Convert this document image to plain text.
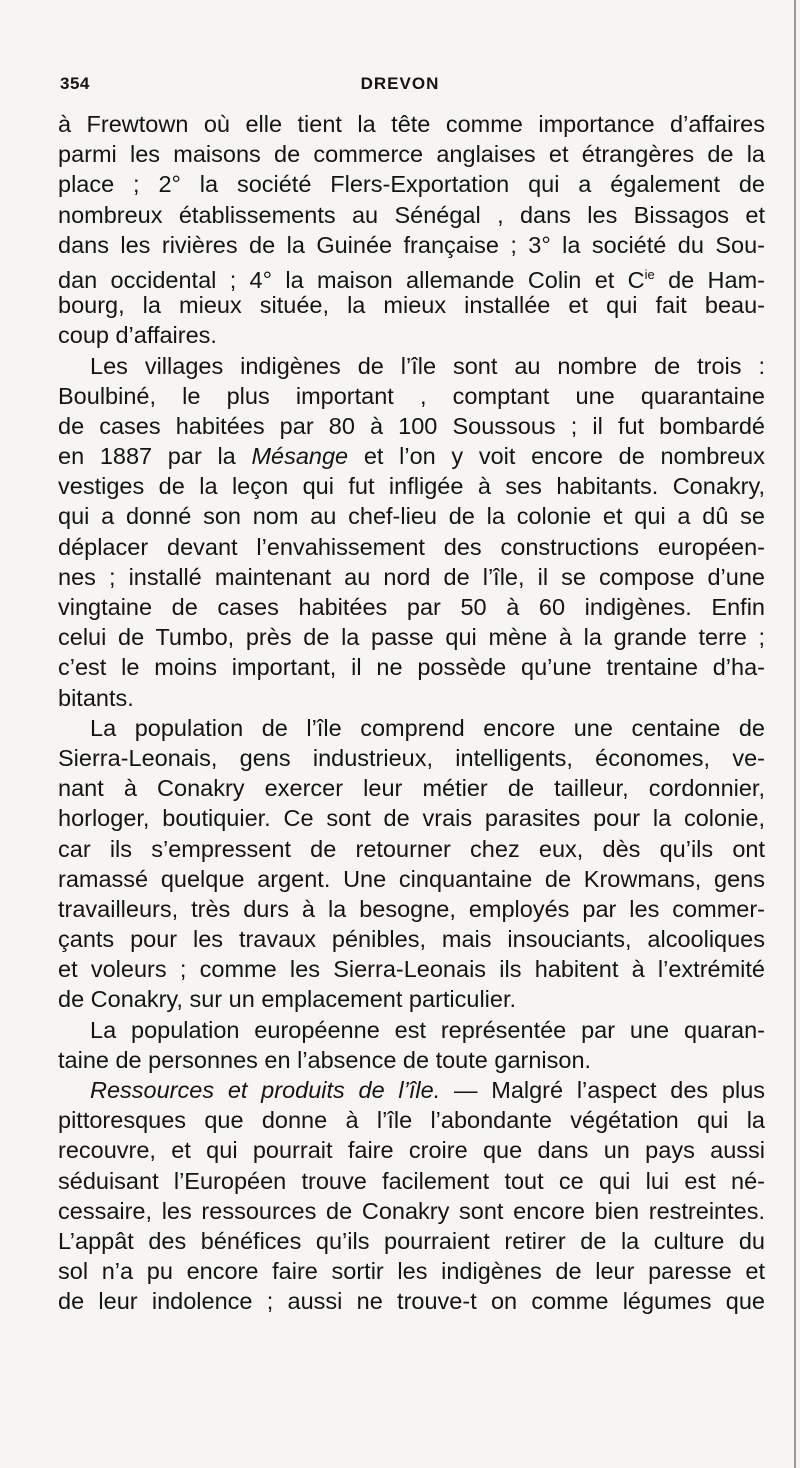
354	DREVON
à Frewtown où elle tient la tête comme importance d’affaires
parmi les maisons de commerce anglaises et étrangères de la
place ; 2° la société Flers-Exportation qui a également de
nombreux établissements au Sénégal , dans les Bissagos et
dans les rivières de la Guinée française ; 3° la société du Sou-
dan occidental ; 4° la maison allemande Colin et $C^{ie}$ de Ham-
bourg, la mieux située, la mieux installée et qui fait beau-
coup d’affaires.
Les villages indigènes de l’île sont au nombre de trois :
Boulbiné, le plus important , comptant une quarantaine
de cases habitées par 80 à 100 Soussous ; il fut bombardé
en 1887 par la Mésange et l’on y voit encore de nombreux
vestiges de la leçon qui fut infligée à ses habitants. Conakry,
qui a donné son nom au chef-lieu de la colonie et qui a dû se
déplacer devant l’envahissement des constructions européen-
nes ; installé maintenant au nord de l’île, il se compose d’une
vingtaine de cases habitées par 50 à 60 indigènes. Enfin
celui de Tumbo, près de la passe qui mène à la grande terre ;
c’est le moins important, il ne possède qu’une trentaine d’ha-
bitants.
La population de l’île comprend encore une centaine de
Sierra-Leonais, gens industrieux, intelligents, économes, ve-
nant à Conakry exercer leur métier de tailleur, cordonnier,
horloger, boutiquier. Ce sont de vrais parasites pour la colonie,
car ils s’empressent de retourner chez eux, dès qu’ils ont
ramassé quelque argent. Une cinquantaine de Krowmans, gens
travailleurs, très durs à la besogne, employés par les commer-
çants pour les travaux pénibles, mais insouciants, alcooliques
et voleurs ; comme les Sierra-Leonais ils habitent à l’extrémité
de Conakry, sur un emplacement particulier.
La population européenne est représentée par une quaran-
taine de personnes en l’absence de toute garnison.
Ressources et produits de l’île. — Malgré l’aspect des plus
pittoresques que donne à l’île l’abondante végétation qui la
recouvre, et qui pourrait faire croire que dans un pays aussi
séduisant l’Européen trouve facilement tout ce qui lui est né-
cessaire, les ressources de Conakry sont encore bien restreintes.
L’appât des bénéfices qu’ils pourraient retirer de la culture du
sol n’a pu encore faire sortir les indigènes de leur paresse et
de leur indolence ; aussi ne trouve-t on comme légumes que
